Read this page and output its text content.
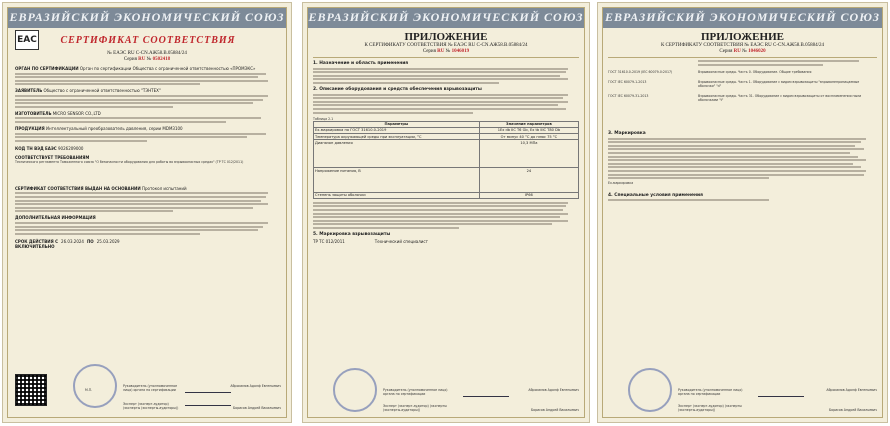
ЕВРАЗИЙСКИЙ ЭКОНОМИЧЕСКИЙ СОЮЗ
EAC СЕРТИФИКАТ СООТВЕТСТВИЯ
№ ЕАЭС RU С-CN.АЖ58.В.05884/24
Серия RU № 0502418
ОРГАН ПО СЕРТИФИКАЦИИ Орган по сертификации Общества с ограниченной ответственностью «ПРОМЭКС»
ЗАЯВИТЕЛЬ Общество с ограниченной ответственностью "ТЭНТЕХ"
ИЗГОТОВИТЕЛЬ MICRO SENSOR CO.,LTD
ПРОДУКЦИЯ Интеллектуальный преобразователь давления, серии MDM3100
КОД ТН ВЭД ЕАЭС 9026209000
СООТВЕТСТВУЕТ ТРЕБОВАНИЯМ
Технического регламента Таможенного союза "О безопасности оборудования для работы во взрывоопасных средах" (ТР ТС 012/2011)
СЕРТИФИКАТ СООТВЕТСТВИЯ ВЫДАН НА ОСНОВАНИИ Протокол испытаний
ДОПОЛНИТЕЛЬНАЯ ИНФОРМАЦИЯ
СРОК ДЕЙСТВИЯ С 26.03.2024 ПО 25.03.2029
ВКЛЮЧИТЕЛЬНО
М.П.
Руководитель (уполномоченное лицо) органа по сертификации
Абросимов Адолф Евгеньевич
Эксперт (эксперт-аудитор) (эксперты (эксперты-аудиторы))	Борисов Андрей Васильевич
ЕВРАЗИЙСКИЙ ЭКОНОМИЧЕСКИЙ СОЮЗ
ПРИЛОЖЕНИЕ
К СЕРТИФИКАТУ СООТВЕТСТВИЯ № ЕАЭС RU С-CN.АЖ58.В.05884/24
Серия RU № 1046019
1. Назначение и область применения
2. Описание оборудования и средств обеспечения взрывозащиты
Таблица 2.1
Параметры	Значение параметров
Ex-маркировка по ГОСТ 31610.0-2019	1Ex db IIC T6 Gb, Ex tb IIIC T80 Db
Температура окружающей среды при эксплуатации, °C	От минус 40 °C до плюс 75 °C
Диапазон давления	10,3 МПа
Напряжение питания, В	24
Степень защиты оболочки	IP66
5. Маркировка взрывозащиты
ТР ТС 012/2011	Технический специалист
Руководитель (уполномоченное лицо) органа по сертификации
Абросимов Адолф Евгеньевич
Эксперт (эксперт-аудитор) (эксперты (эксперты-аудиторы))	Борисов Андрей Васильевич
ЕВРАЗИЙСКИЙ ЭКОНОМИЧЕСКИЙ СОЮЗ
ПРИЛОЖЕНИЕ
К СЕРТИФИКАТУ СООТВЕТСТВИЯ № ЕАЭС RU С-CN.АЖ58.В.05884/24
Серия RU № 1046020
ГОСТ 31610.0-2019 (IEC 60079-0:2017)	Взрывоопасные среды. Часть 0. Оборудование. Общие требования
ГОСТ IEC 60079-1-2013	Взрывоопасные среды. Часть 1. Оборудование с видом взрывозащиты "взрывонепроницаемые оболочки" "d"
ГОСТ IEC 60079-31-2013	Взрывоопасные среды. Часть 31. Оборудование с видом взрывозащиты от воспламенения пыли оболочками "t"
3. Маркировка
Ex-маркировка
4. Специальные условия применения
Руководитель (уполномоченное лицо) органа по сертификации
Абросимов Адолф Евгеньевич
Эксперт (эксперт-аудитор) (эксперты (эксперты-аудиторы))	Борисов Андрей Васильевич
